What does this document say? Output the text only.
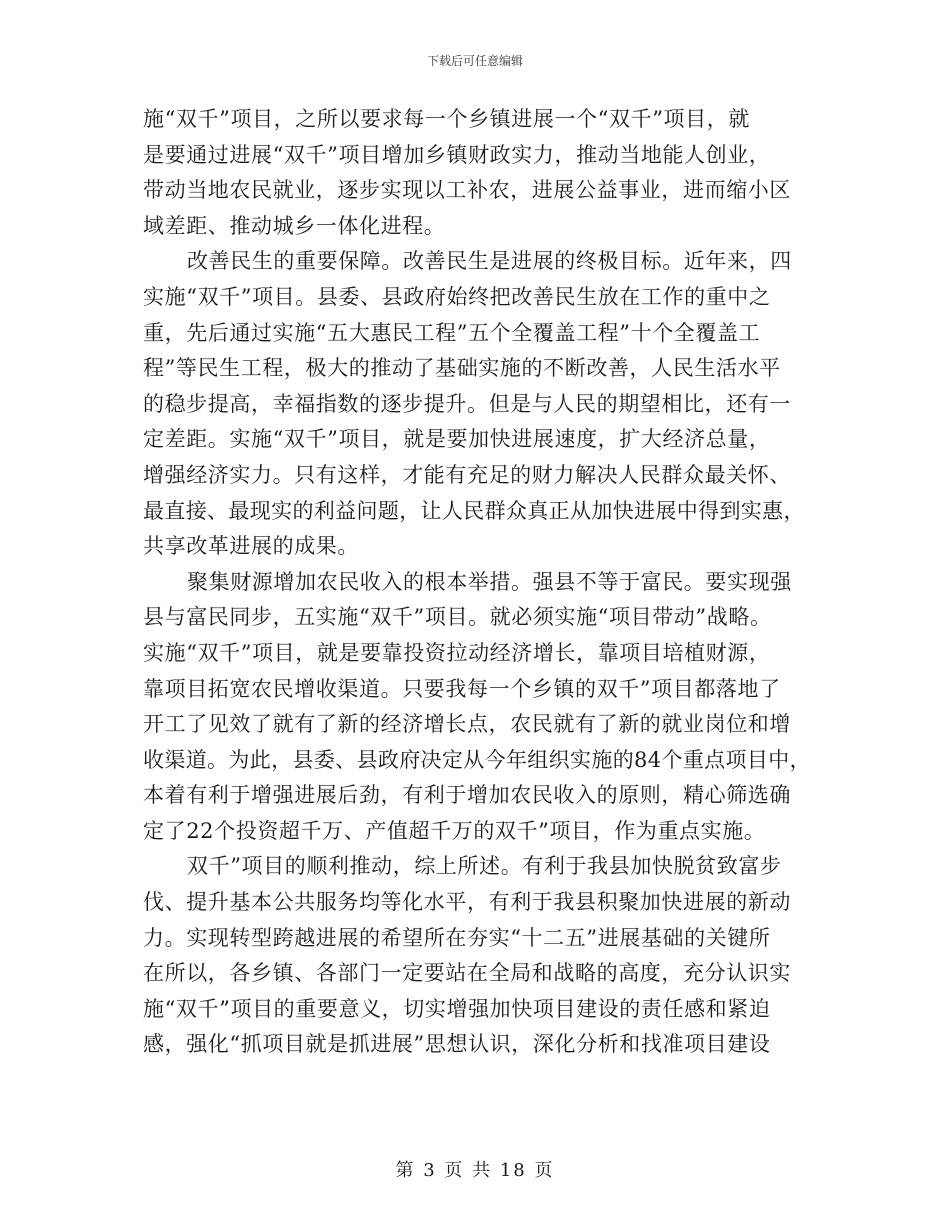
下载后可任意编辑

施“双千”项目，之所以要求每一个乡镇进展一个“双千”项目，就
是要通过进展“双千”项目增加乡镇财政实力，推动当地能人创业，
带动当地农民就业，逐步实现以工补农，进展公益事业，进而缩小区
域差距、推动城乡一体化进程。

改善民生的重要保障。改善民生是进展的终极目标。近年来，四
实施“双千”项目。县委、县政府始终把改善民生放在工作的重中之
重，先后通过实施“五大惠民工程”五个全覆盖工程”十个全覆盖工
程”等民生工程，极大的推动了基础实施的不断改善，人民生活水平
的稳步提高，幸福指数的逐步提升。但是与人民的期望相比，还有一
定差距。实施“双千”项目，就是要加快进展速度，扩大经济总量，
增强经济实力。只有这样，才能有充足的财力解决人民群众最关怀、
最直接、最现实的利益问题，让人民群众真正从加快进展中得到实惠，
共享改革进展的成果。

聚集财源增加农民收入的根本举措。强县不等于富民。要实现强
县与富民同步，五实施“双千”项目。就必须实施“项目带动”战略。
实施“双千”项目，就是要靠投资拉动经济增长，靠项目培植财源，
靠项目拓宽农民增收渠道。只要我每一个乡镇的双千”项目都落地了
开工了见效了就有了新的经济增长点，农民就有了新的就业岗位和增
收渠道。为此，县委、县政府决定从今年组织实施的84个重点项目中，
本着有利于增强进展后劲，有利于增加农民收入的原则，精心筛选确
定了22个投资超千万、产值超千万的双千”项目，作为重点实施。

双千”项目的顺利推动，综上所述。有利于我县加快脱贫致富步
伐、提升基本公共服务均等化水平，有利于我县积聚加快进展的新动
力。实现转型跨越进展的希望所在夯实“十二五”进展基础的关键所
在所以，各乡镇、各部门一定要站在全局和战略的高度，充分认识实
施“双千”项目的重要意义，切实增强加快项目建设的责任感和紧迫
感，强化“抓项目就是抓进展”思想认识，深化分析和找准项目建设

第 3 页 共 18 页
